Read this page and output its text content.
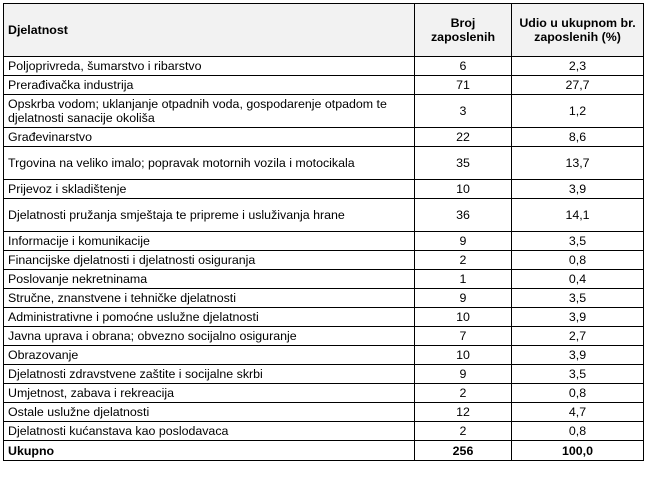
Djelatnost	Broj zaposlenih	Udio u ukupnom br. zaposlenih (%)
Poljoprivreda, šumarstvo i ribarstvo	6	2,3
Prerađivačka industrija	71	27,7
Opskrba vodom; uklanjanje otpadnih voda, gospodarenje otpadom te djelatnosti sanacije okoliša	3	1,2
Građevinarstvo	22	8,6
Trgovina na veliko imalo; popravak motornih vozila i motocikala	35	13,7
Prijevoz i skladištenje	10	3,9
Djelatnosti pružanja smještaja te pripreme i usluživanja hrane	36	14,1
Informacije i komunikacije	9	3,5
Financijske djelatnosti i djelatnosti osiguranja	2	0,8
Poslovanje nekretninama	1	0,4
Stručne, znanstvene i tehničke djelatnosti	9	3,5
Administrativne i pomoćne uslužne djelatnosti	10	3,9
Javna uprava i obrana; obvezno socijalno osiguranje	7	2,7
Obrazovanje	10	3,9
Djelatnosti zdravstvene zaštite i socijalne skrbi	9	3,5
Umjetnost, zabava i rekreacija	2	0,8
Ostale uslužne djelatnosti	12	4,7
Djelatnosti kućanstava kao poslodavaca	2	0,8
Ukupno	256	100,0
